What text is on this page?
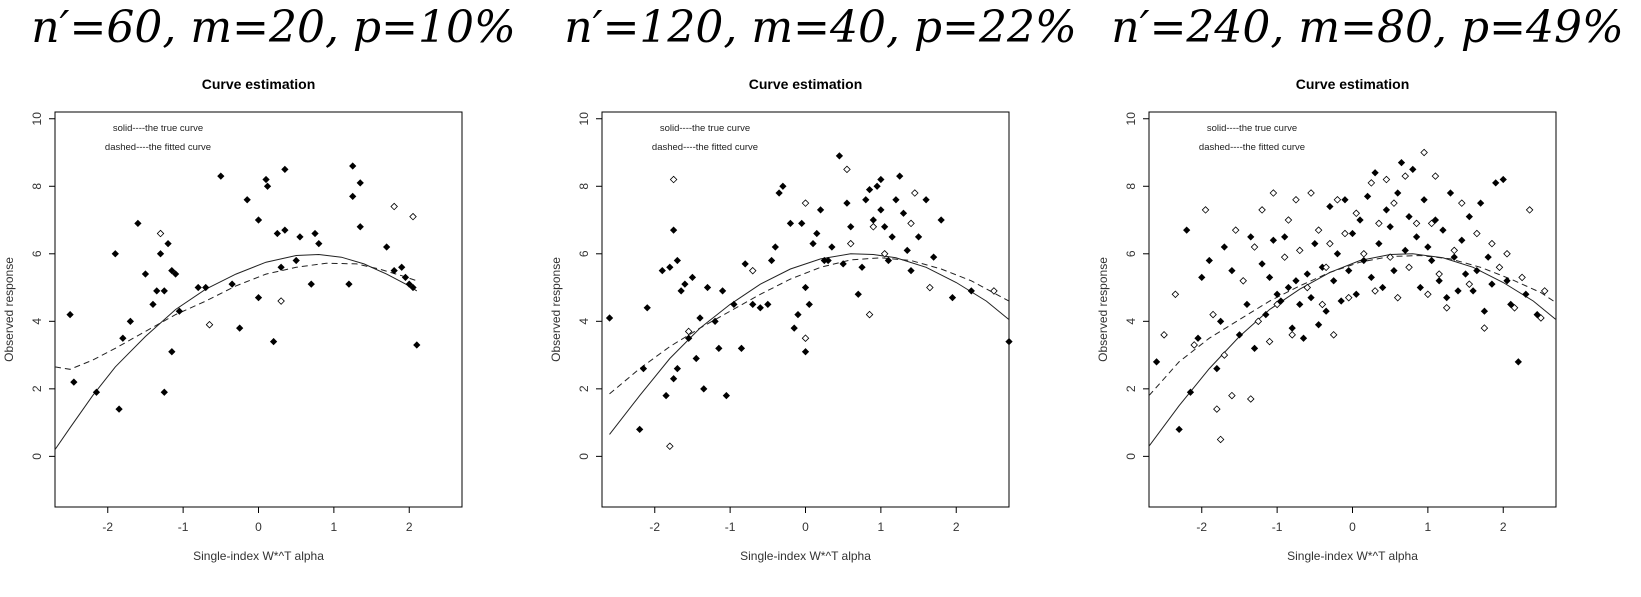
n′=60, m=20, p=10%
Curve estimation
-2	-1	0	1	2
0
2
4
6
8
10
Single-index W*^T alpha
Observed response
solid----the true curve
dashed----the fitted curve
n′=120, m=40, p=22%
Curve estimation
-2	-1	0	1	2
0
2
4
6
8
10
Single-index W*^T alpha
Observed response
solid----the true curve
dashed----the fitted curve
n′=240, m=80, p=49%
Curve estimation
-2	-1	0	1	2
0
2
4
6
8
10
Single-index W*^T alpha
Observed response
solid----the true curve
dashed----the fitted curve
